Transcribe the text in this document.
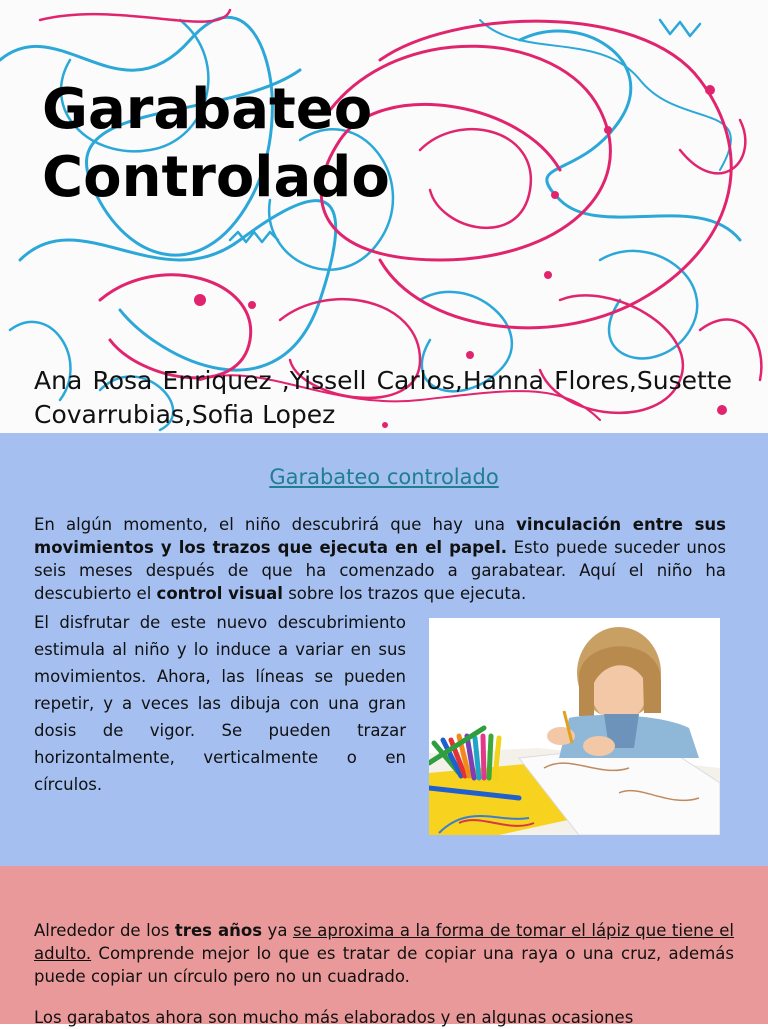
Garabateo
Controlado

Ana Rosa Enriquez ,Yissell Carlos,Hanna Flores,Susette Covarrubias,Sofia Lopez

Garabateo controlado

En algún momento, el niño descubrirá que hay una vinculación entre sus movimientos y los trazos que ejecuta en el papel. Esto puede suceder unos seis meses después de que ha comenzado a garabatear. Aquí el niño ha descubierto el control visual sobre los trazos que ejecuta.

El disfrutar de este nuevo descubrimiento estimula al niño y lo induce a variar en sus movimientos. Ahora, las líneas se pueden repetir, y a veces las dibuja con una gran dosis de vigor. Se pueden trazar horizontalmente, verticalmente o en círculos.

Alrededor de los tres años ya se aproxima a la forma de tomar el lápiz que tiene el adulto. Comprende mejor lo que es tratar de copiar una raya o una cruz, además puede copiar un círculo pero no un cuadrado.

Los garabatos ahora son mucho más elaborados y en algunas ocasiones
